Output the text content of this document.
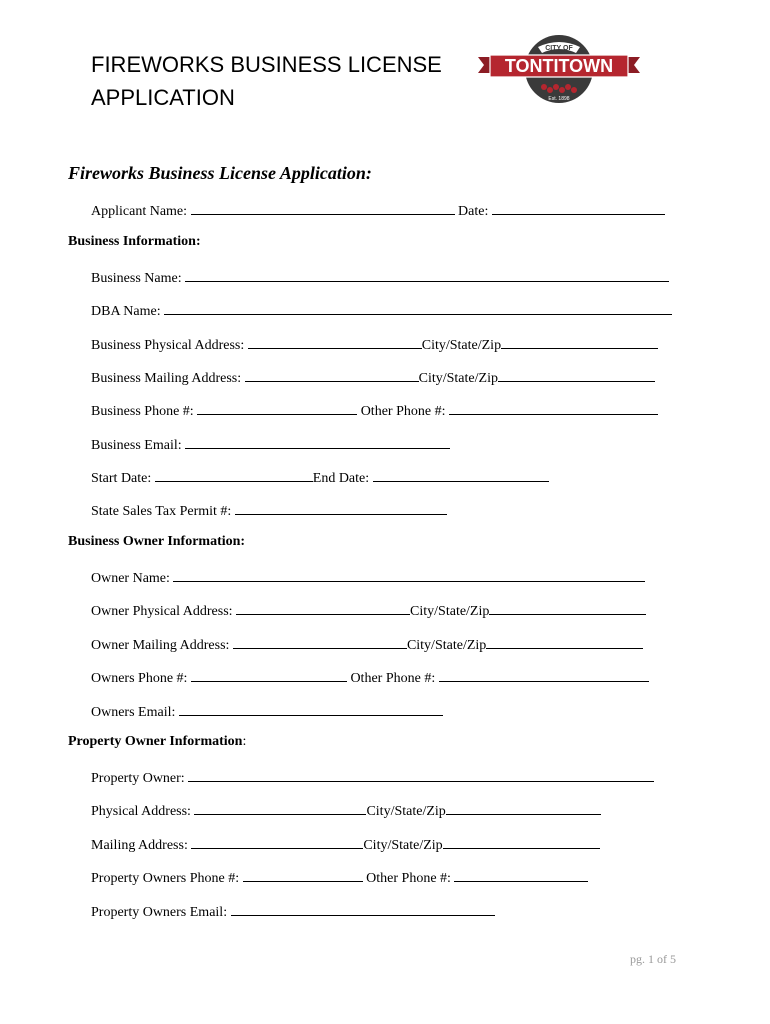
FIREWORKS BUSINESS LICENSE APPLICATION
CITY OF
TONTITOWN
Est. 1898
Fireworks Business License Application:
Applicant Name:	Date:
Business Information:
Business Name:
DBA Name:
Business Physical Address:	City/State/Zip
Business Mailing Address:	City/State/Zip
Business Phone #:	Other Phone #:
Business Email:
Start Date:	End Date:
State Sales Tax Permit #:
Business Owner Information:
Owner Name:
Owner Physical Address:	City/State/Zip
Owner Mailing Address:	City/State/Zip
Owners Phone #:	Other Phone #:
Owners Email:
Property Owner Information:
Property Owner:
Physical Address:	City/State/Zip
Mailing Address:	City/State/Zip
Property Owners Phone #:	Other Phone #:
Property Owners Email:
pg. 1 of 5
